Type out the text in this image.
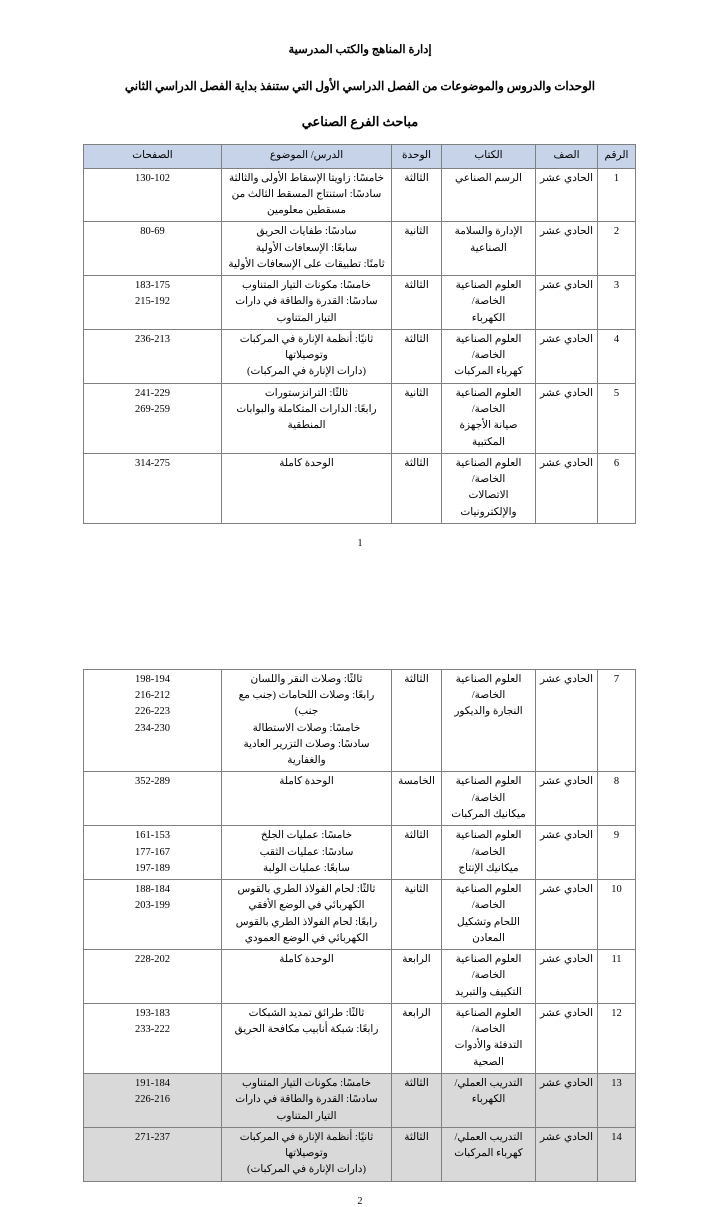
إدارة المناهج والكتب المدرسية
الوحدات والدروس والموضوعات من الفصل الدراسي الأول التي ستنفذ بداية الفصل الدراسي الثاني
مباحث الفرع الصناعي
الرقم	الصف	الكتاب	الوحدة	الدرس/ الموضوع	الصفحات
1	الحادي عشر	الرسم الصناعي	الثالثة	خامسًا: زاويتا الإسقاط الأولى والثالثة
سادسًا: استنتاج المسقط الثالث من مسقطين معلومين	130-102

2	الحادي عشر	الإدارة والسلامة الصناعية	الثانية	سادسًا: طفايات الحريق
سابعًا: الإسعافات الأولية
ثامنًا: تطبيقات على الإسعافات الأولية	80-69

3	الحادي عشر	العلوم الصناعية الخاصة/
الكهرباء	الثالثة	خامسًا: مكونات التيار المتناوب
سادسًا: القدرة والطاقة في دارات التيار المتناوب	183-175
215-192

4	الحادي عشر	العلوم الصناعية الخاصة/
كهرباء المركبات	الثالثة	ثانيًا: أنظمة الإنارة في المركبات وتوصيلاتها
(دارات الإنارة في المركبات)	236-213

5	الحادي عشر	العلوم الصناعية الخاصة/
صيانة الأجهزة المكتبية	الثانية	ثالثًا: الترانزستورات
رابعًا: الدارات المتكاملة والبوابات المنطقية	241-229
269-259

6	الحادي عشر	العلوم الصناعية الخاصة/
الاتصالات والإلكترونيات	الثالثة	الوحدة كاملة	314-275
1
7	الحادي عشر	العلوم الصناعية الخاصة/
النجارة والديكور	الثالثة	ثالثًا: وصلات النقر واللسان
رابعًا: وصلات اللحامات (جنب مع جنب)
خامسًا: وصلات الاستطالة
سادسًا: وصلات التزرير العادية والغفارية	198-194
216-212
226-223
234-230

8	الحادي عشر	العلوم الصناعية الخاصة/
ميكانيك المركبات	الخامسة	الوحدة كاملة	352-289

9	الحادي عشر	العلوم الصناعية الخاصة/
ميكانيك الإنتاج	الثالثة	خامسًا: عمليات الجلخ
سادسًا: عمليات الثقب
سابعًا: عمليات الولبة	161-153
177-167
197-189

10	الحادي عشر	العلوم الصناعية الخاصة/
اللحام وتشكيل المعادن	الثانية	ثالثًا: لحام الفولاذ الطري بالقوس الكهربائي في الوضع الأفقي
رابعًا: لحام الفولاذ الطري بالقوس الكهربائي في الوضع العمودي	188-184
203-199

11	الحادي عشر	العلوم الصناعية الخاصة/
التكييف والتبريد	الرابعة	الوحدة كاملة	228-202

12	الحادي عشر	العلوم الصناعية الخاصة/
التدفئة والأدوات الصحية	الرابعة	ثالثًا: طرائق تمديد الشبكات
رابعًا: شبكة أنابيب مكافحة الحريق	193-183
233-222

13	الحادي عشر	التدريب العملي/
الكهرباء	الثالثة	خامسًا: مكونات التيار المتناوب
سادسًا: القدرة والطاقة في دارات التيار المتناوب	191-184
226-216

14	الحادي عشر	التدريب العملي/
كهرباء المركبات	الثالثة	ثانيًا: أنظمة الإنارة في المركبات وتوصيلاتها
(دارات الإنارة في المركبات)	271-237
2
